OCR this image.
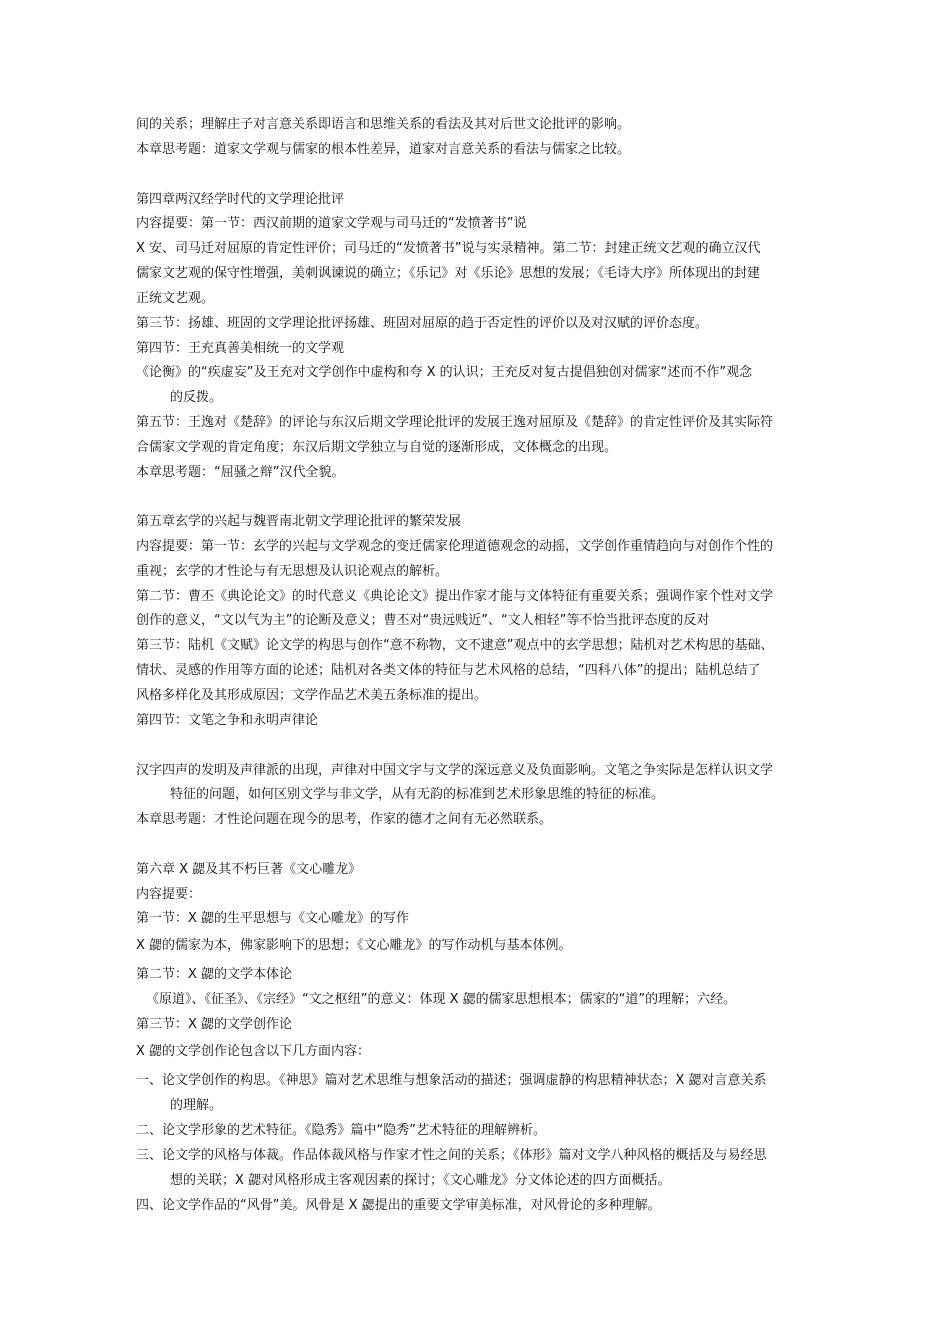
间的关系；理解庄子对言意关系即语言和思维关系的看法及其对后世文论批评的影响。
本章思考题：道家文学观与儒家的根本性差异，道家对言意关系的看法与儒家之比较。
第四章两汉经学时代的文学理论批评
内容提要：第一节：西汉前期的道家文学观与司马迁的“发愤著书”说
X 安、司马迁对屈原的肯定性评价；司马迁的“发愤著书”说与实录精神。第二节：封建正统文艺观的确立汉代
儒家文艺观的保守性增强，美刺讽谏说的确立；《乐记》对《乐论》思想的发展；《毛诗大序》所体现出的封建
正统文艺观。
第三节：扬雄、班固的文学理论批评扬雄、班固对屈原的趋于否定性的评价以及对汉赋的评价态度。
第四节：王充真善美相统一的文学观
《论衡》的“疾虚妄”及王充对文学创作中虚构和夸 X 的认识；王充反对复古提倡独创对儒家“述而不作”观念
的反拨。
第五节：王逸对《楚辞》的评论与东汉后期文学理论批评的发展王逸对屈原及《楚辞》的肯定性评价及其实际符
合儒家文学观的肯定角度；东汉后期文学独立与自觉的逐渐形成，文体概念的出现。
本章思考题：“屈骚之辩”汉代全貌。
第五章玄学的兴起与魏晋南北朝文学理论批评的繁荣发展
内容提要：第一节：玄学的兴起与文学观念的变迁儒家伦理道德观念的动摇，文学创作重情趋向与对创作个性的
重视；玄学的才性论与有无思想及认识论观点的解析。
第二节：曹丕《典论论文》的时代意义《典论论文》提出作家才能与文体特征有重要关系；强调作家个性对文学
创作的意义，“文以气为主”的论断及意义；曹丕对“贵远贱近”、“文人相轻”等不恰当批评态度的反对
第三节：陆机《文赋》论文学的构思与创作“意不称物，文不逮意”观点中的玄学思想；陆机对艺术构思的基础、
情状、灵感的作用等方面的论述；陆机对各类文体的特征与艺术风格的总结，“四科八体”的提出；陆机总结了
风格多样化及其形成原因；文学作品艺术美五条标准的提出。
第四节：文笔之争和永明声律论
汉字四声的发明及声律派的出现，声律对中国文字与文学的深远意义及负面影响。文笔之争实际是怎样认识文学
特征的问题，如何区别文学与非文学，从有无韵的标准到艺术形象思维的特征的标准。
本章思考题：才性论问题在现今的思考，作家的德才之间有无必然联系。
第六章 X 勰及其不朽巨著《文心雕龙》
内容提要：
第一节：X 勰的生平思想与《文心雕龙》的写作
X 勰的儒家为本，佛家影响下的思想；《文心雕龙》的写作动机与基本体例。
第二节：X 勰的文学本体论
《原道》、《征圣》、《宗经》“文之枢纽”的意义：体现 X 勰的儒家思想根本；儒家的“道”的理解；六经。
第三节：X 勰的文学创作论
X 勰的文学创作论包含以下几方面内容：
一、论文学创作的构思。《神思》篇对艺术思维与想象活动的描述；强调虚静的构思精神状态；X 勰对言意关系
的理解。
二、论文学形象的艺术特征。《隐秀》篇中“隐秀”艺术特征的理解辨析。
三、论文学的风格与体裁。作品体裁风格与作家才性之间的关系；《体形》篇对文学八种风格的概括及与易经思
想的关联；X 勰对风格形成主客观因素的探讨；《文心雕龙》分文体论述的四方面概括。
四、论文学作品的“风骨”美。风骨是 X 勰提出的重要文学审美标准，对风骨论的多种理解。
